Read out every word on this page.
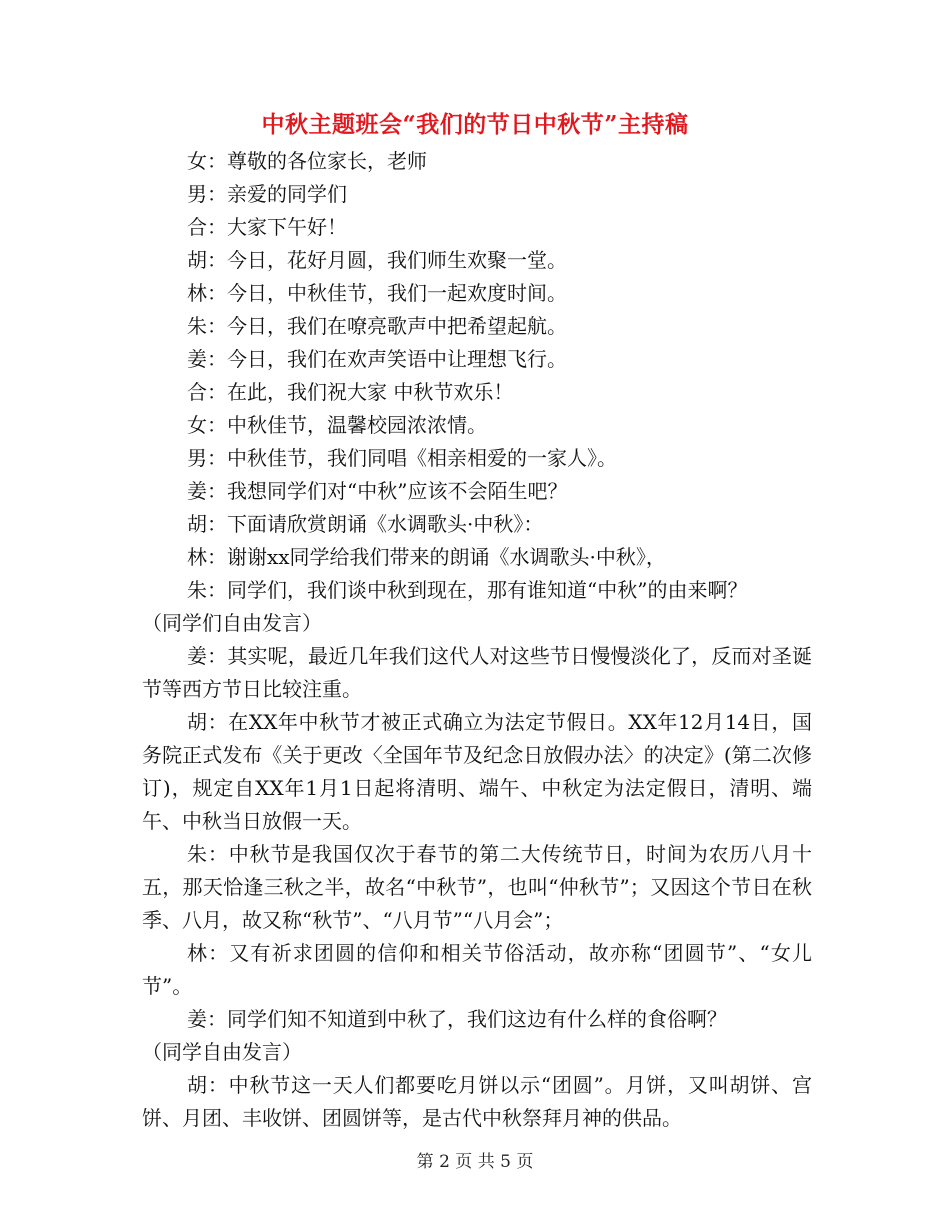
中秋主题班会“我们的节日中秋节”主持稿

女：尊敬的各位家长，老师

男：亲爱的同学们

合：大家下午好！

胡：今日，花好月圆，我们师生欢聚一堂。

林：今日，中秋佳节，我们一起欢度时间。

朱：今日，我们在嘹亮歌声中把希望起航。

姜：今日，我们在欢声笑语中让理想飞行。

合：在此，我们祝大家 中秋节欢乐！

女：中秋佳节，温馨校园浓浓情。

男：中秋佳节，我们同唱《相亲相爱的一家人》。

姜：我想同学们对“中秋”应该不会陌生吧？

胡：下面请欣赏朗诵《水调歌头·中秋》：

林：谢谢xx同学给我们带来的朗诵《水调歌头·中秋》，

朱：同学们，我们谈中秋到现在，那有谁知道“中秋”的由来啊？

（同学们自由发言）

姜：其实呢，最近几年我们这代人对这些节日慢慢淡化了，反而对圣诞节等西方节日比较注重。

胡：在XX年中秋节才被正式确立为法定节假日。XX年12月14日，国务院正式发布《关于更改〈全国年节及纪念日放假办法〉的决定》(第二次修订)，规定自XX年1月1日起将清明、端午、中秋定为法定假日，清明、端午、中秋当日放假一天。

朱：中秋节是我国仅次于春节的第二大传统节日，时间为农历八月十五，那天恰逢三秋之半，故名“中秋节”，也叫“仲秋节”；又因这个节日在秋季、八月，故又称“秋节”、“八月节”“八月会”；

林：又有祈求团圆的信仰和相关节俗活动，故亦称“团圆节”、“女儿节”。

姜：同学们知不知道到中秋了，我们这边有什么样的食俗啊？

（同学自由发言）

胡：中秋节这一天人们都要吃月饼以示“团圆”。月饼，又叫胡饼、宫饼、月团、丰收饼、团圆饼等，是古代中秋祭拜月神的供品。

第 2 页 共 5 页
